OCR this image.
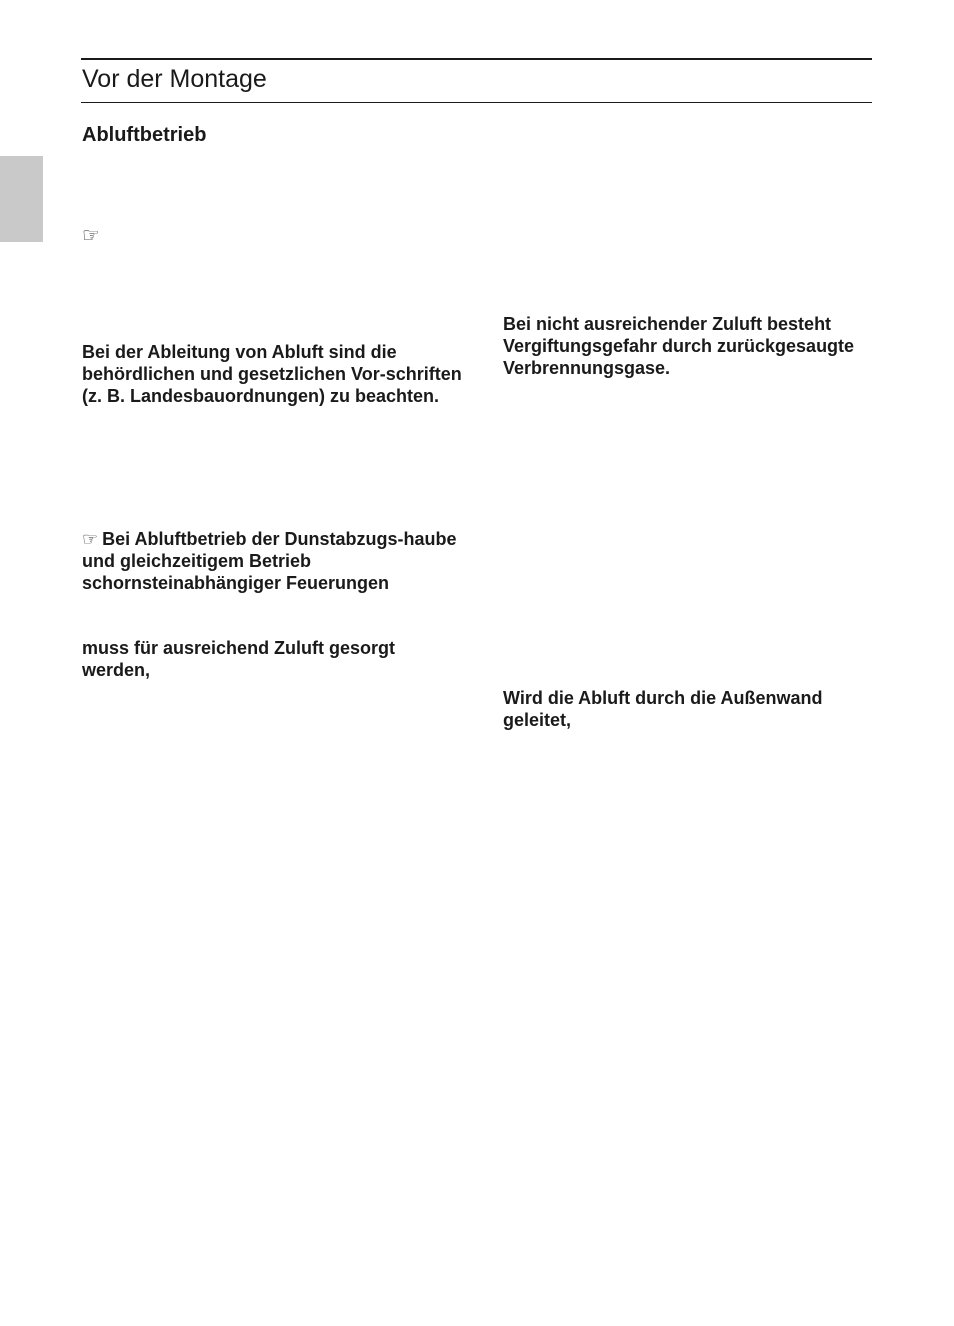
Vor der Montage
Abluftbetrieb
☞

Bei der Ableitung von Abluft sind die behördlichen und gesetzlichen Vor-schriften (z. B. Landesbauordnungen) zu beachten.

☞ Bei Abluftbetrieb der Dunstabzugs-haube und gleichzeitigem Betrieb schornsteinabhängiger Feuerungen

muss für ausreichend Zuluft gesorgt werden,

Bei nicht ausreichender Zuluft besteht Vergiftungsgefahr durch zurückgesaugte Verbrennungsgase.

Wird die Abluft durch die Außenwand geleitet,
